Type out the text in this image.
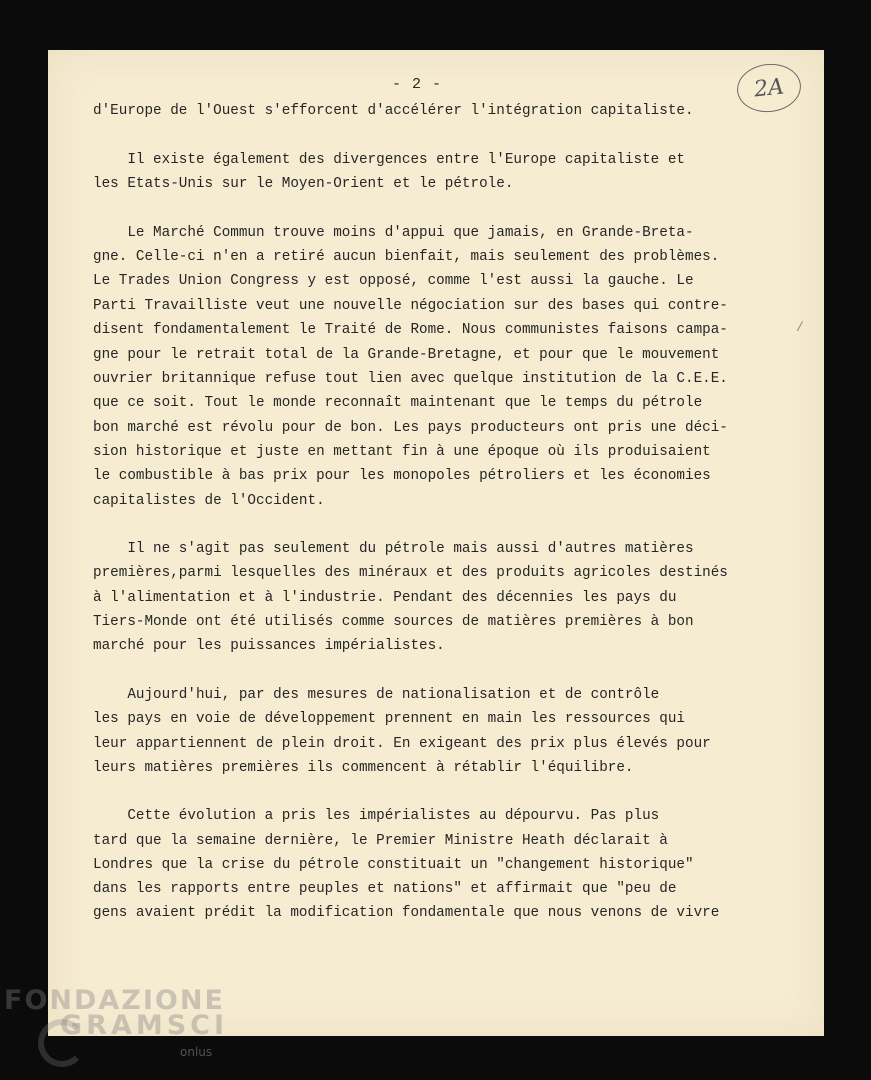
- 2 -	2A
/
d'Europe de l'Ouest s'efforcent d'accélérer l'intégration capitaliste.
Il existe également des divergences entre l'Europe capitaliste et
les Etats-Unis sur le Moyen-Orient et le pétrole.
Le Marché Commun trouve moins d'appui que jamais, en Grande-Breta-
gne. Celle-ci n'en a retiré aucun bienfait, mais seulement des problèmes.
Le Trades Union Congress y est opposé, comme l'est aussi la gauche. Le
Parti Travailliste veut une nouvelle négociation sur des bases qui contre-
disent fondamentalement le Traité de Rome. Nous communistes faisons campa-
gne pour le retrait total de la Grande-Bretagne, et pour que le mouvement
ouvrier britannique refuse tout lien avec quelque institution de la C.E.E.
que ce soit. Tout le monde reconnaît maintenant que le temps du pétrole
bon marché est révolu pour de bon. Les pays producteurs ont pris une déci-
sion historique et juste en mettant fin à une époque où ils produisaient
le combustible à bas prix pour les monopoles pétroliers et les économies
capitalistes de l'Occident.
Il ne s'agit pas seulement du pétrole mais aussi d'autres matières
premières,parmi lesquelles des minéraux et des produits agricoles destinés
à l'alimentation et à l'industrie. Pendant des décennies les pays du
Tiers-Monde ont été utilisés comme sources de matières premières à bon
marché pour les puissances impérialistes.
Aujourd'hui, par des mesures de nationalisation et de contrôle
les pays en voie de développement prennent en main les ressources qui
leur appartiennent de plein droit. En exigeant des prix plus élevés pour
leurs matières premières ils commencent à rétablir l'équilibre.
Cette évolution a pris les impérialistes au dépourvu. Pas plus
tard que la semaine dernière, le Premier Ministre Heath déclarait à
Londres que la crise du pétrole constituait un "changement historique"
dans les rapports entre peuples et nations" et affirmait que "peu de
gens avaient prédit la modification fondamentale que nous venons de vivre
FONDAZIONE
GRAMSCI
onlus
